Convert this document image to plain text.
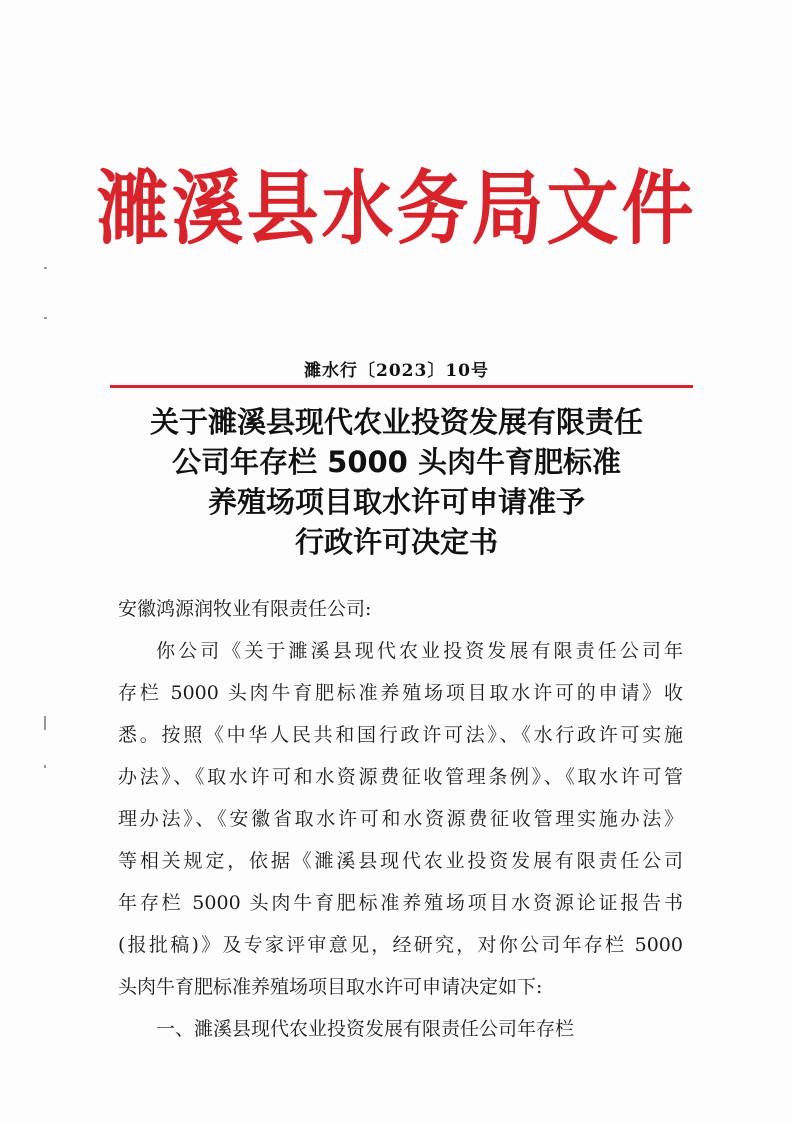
濉溪县水务局文件
濉水行〔2023〕10号
关于濉溪县现代农业投资发展有限责任
公司年存栏 5000 头肉牛育肥标准
养殖场项目取水许可申请准予
行政许可决定书
安徽鸿源润牧业有限责任公司:
你公司《关于濉溪县现代农业投资发展有限责任公司年
存栏 5000 头肉牛育肥标准养殖场项目取水许可的申请》收
悉。按照《中华人民共和国行政许可法》、《水行政许可实施
办法》、《取水许可和水资源费征收管理条例》、《取水许可管
理办法》、《安徽省取水许可和水资源费征收管理实施办法》
等相关规定，依据《濉溪县现代农业投资发展有限责任公司
年存栏 5000 头肉牛育肥标准养殖场项目水资源论证报告书
(报批稿)》及专家评审意见，经研究，对你公司年存栏 5000
头肉牛育肥标准养殖场项目取水许可申请决定如下:
一、濉溪县现代农业投资发展有限责任公司年存栏
